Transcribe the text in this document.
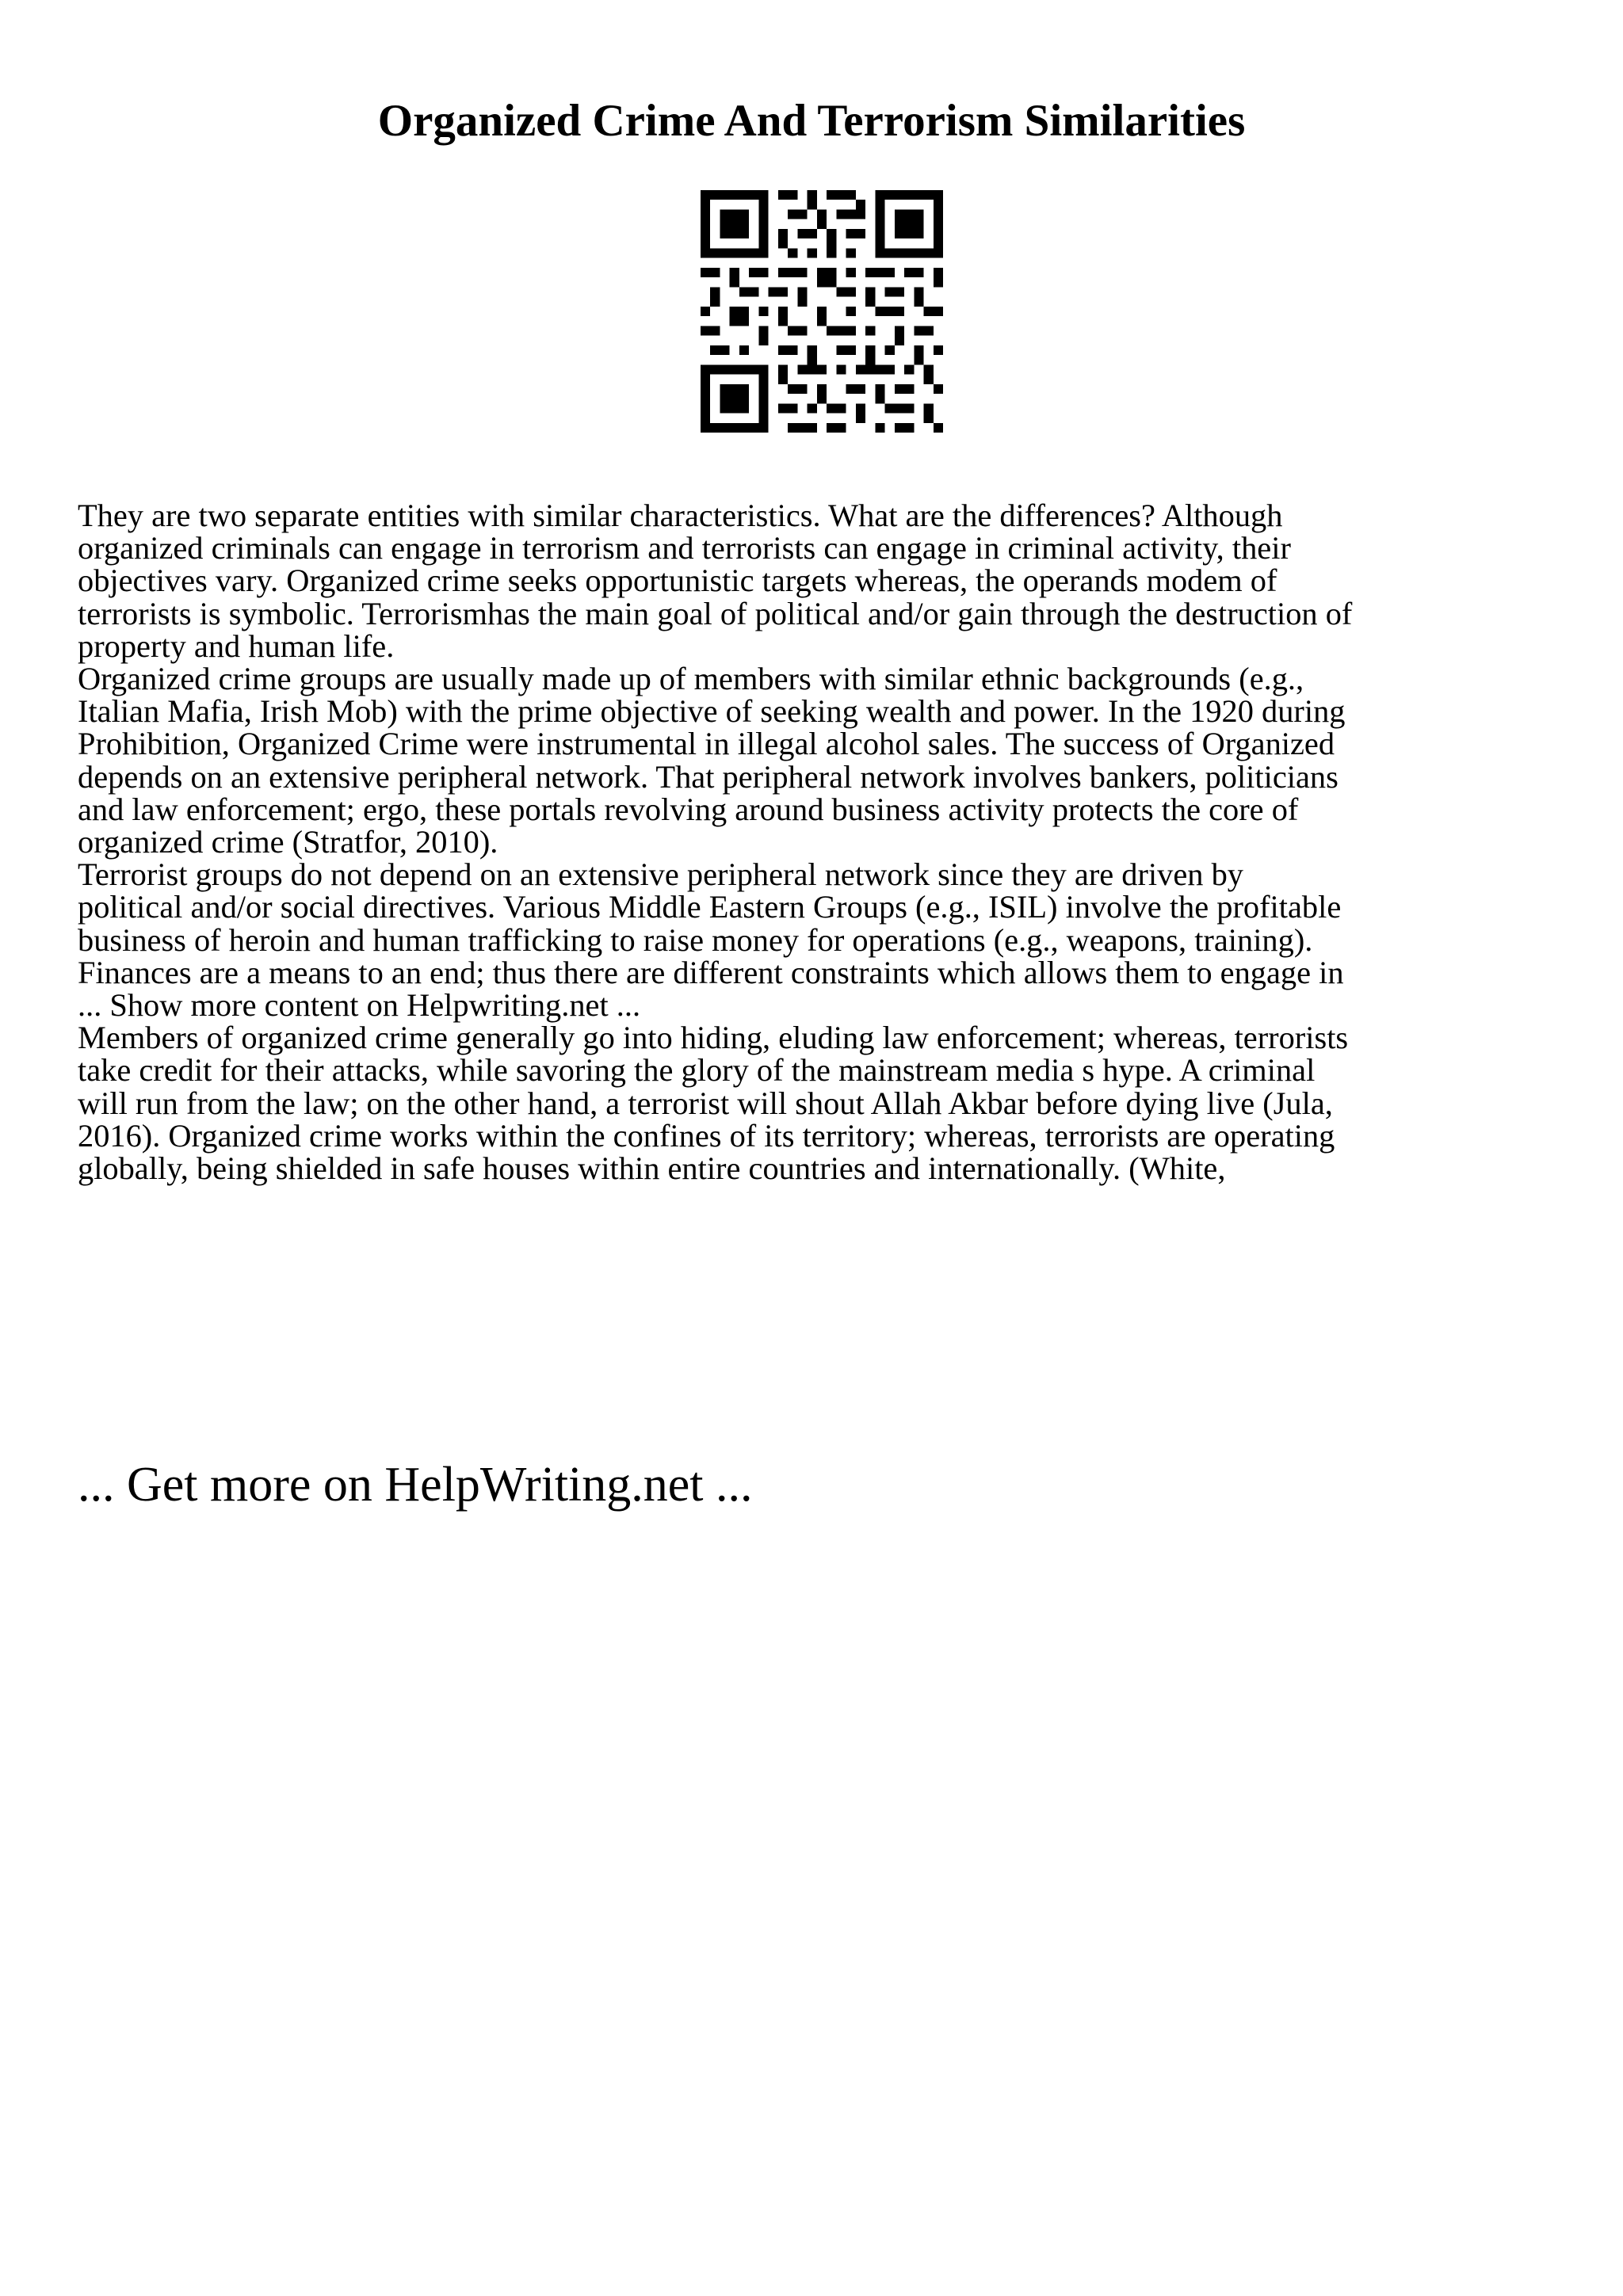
Organized Crime And Terrorism Similarities

They are two separate entities with similar characteristics. What are the differences? Although
organized criminals can engage in terrorism and terrorists can engage in criminal activity, their
objectives vary. Organized crime seeks opportunistic targets whereas, the operands modem of
terrorists is symbolic. Terrorismhas the main goal of political and/or gain through the destruction of
property and human life.

Organized crime groups are usually made up of members with similar ethnic backgrounds (e.g.,
Italian Mafia, Irish Mob) with the prime objective of seeking wealth and power. In the 1920 during
Prohibition, Organized Crime were instrumental in illegal alcohol sales. The success of Organized
depends on an extensive peripheral network. That peripheral network involves bankers, politicians
and law enforcement; ergo, these portals revolving around business activity protects the core of
organized crime (Stratfor, 2010).

Terrorist groups do not depend on an extensive peripheral network since they are driven by
political and/or social directives. Various Middle Eastern Groups (e.g., ISIL) involve the profitable
business of heroin and human trafficking to raise money for operations (e.g., weapons, training).
Finances are a means to an end; thus there are different constraints which allows them to engage in
... Show more content on Helpwriting.net ...

Members of organized crime generally go into hiding, eluding law enforcement; whereas, terrorists
take credit for their attacks, while savoring the glory of the mainstream media s hype. A criminal
will run from the law; on the other hand, a terrorist will shout Allah Akbar before dying live (Jula,
2016). Organized crime works within the confines of its territory; whereas, terrorists are operating
globally, being shielded in safe houses within entire countries and internationally. (White,

... Get more on HelpWriting.net ...
